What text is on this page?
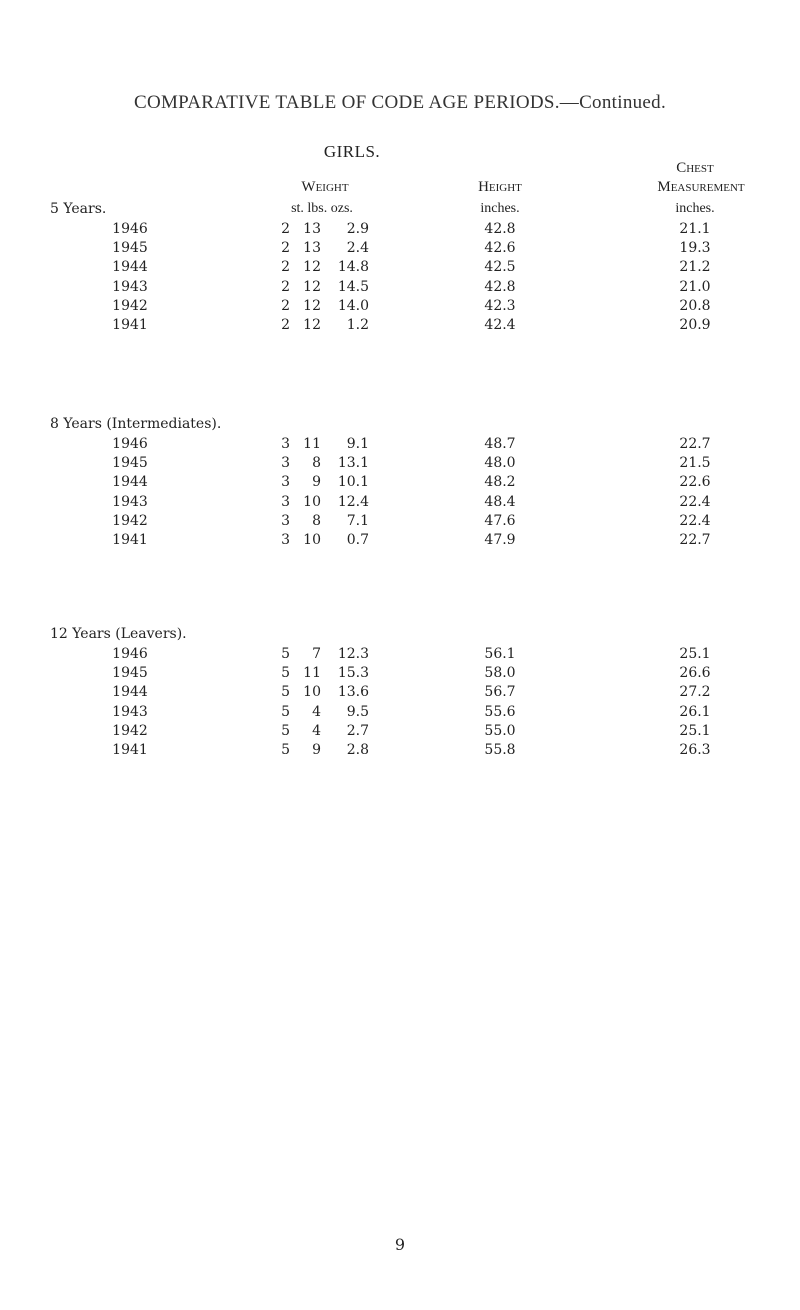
COMPARATIVE TABLE OF CODE AGE PERIODS.—Continued.
GIRLS.
Weight
st. lbs. ozs.
Height
inches.
Chest
Measurement
inches.
5 Years.
1946	2 13	2.9	42.8	21.1
1945	2 13	2.4	42.6	19.3
1944	2 12	14.8	42.5	21.2
1943	2 12	14.5	42.8	21.0
1942	2 12	14.0	42.3	20.8
1941	2 12	1.2	42.4	20.9
8 Years (Intermediates).
1946	3 11	9.1	48.7	22.7
1945	3	8	13.1	48.0	21.5
1944	3	9	10.1	48.2	22.6
1943	3 10	12.4	48.4	22.4
1942	3	8	7.1	47.6	22.4
1941	3 10	0.7	47.9	22.7
12 Years (Leavers).
1946	5	7	12.3	56.1	25.1
1945	5 11	15.3	58.0	26.6
1944	5 10	13.6	56.7	27.2
1943	5	4	9.5	55.6	26.1
1942	5	4	2.7	55.0	25.1
1941	5	9	2.8	55.8	26.3
9
